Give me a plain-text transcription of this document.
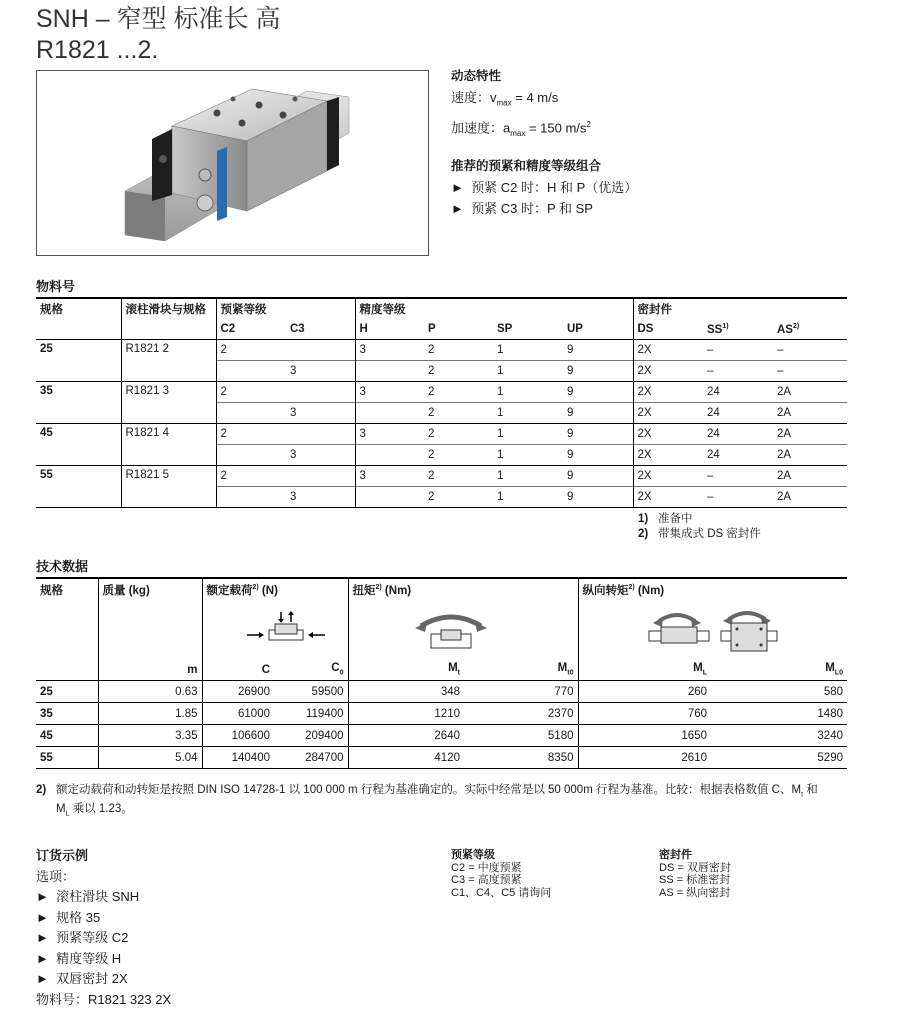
SNH – 窄型 标准长 高
R1821 ...2.
动态特性
速度：$v_{max} = 4$ m/s
加速度：$a_{max} = 150$ $m/s^2$
推荐的预紧和精度等级组合
► 预紧 C2 时：H 和 P（优选）
► 预紧 C3 时：P 和 SP
物料号
规格	滚柱滑块与规格	预紧等级		精度等级				密封件		
		C2	C3	H	P	SP	UP	DS	SS$^{1)}$	AS$^{2)}$
25	R1821 2	2		3	2	1	9	2X	–	–
			3		2	1	9	2X	–	–
35	R1821 3	2		3	2	1	9	2X	24	2A
			3		2	1	9	2X	24	2A
45	R1821 4	2		3	2	1	9	2X	24	2A
			3		2	1	9	2X	24	2A
55	R1821 5	2		3	2	1	9	2X	–	2A
			3		2	1	9	2X	–	2A
1) 准备中
2) 带集成式 DS 密封件
技术数据
规格	质量 (kg)	额定载荷$^{2)}$ (N)		扭矩$^{2)}$ (Nm)		纵向转矩$^{2)}$ (Nm)	

	m	C	$C_0$	$M_t$	$M_{t0}$	$M_L$	$M_{L0}$
25	0.63	26900	59500	348	770	260	580
35	1.85	61000	119400	1210	2370	760	1480
45	3.35	106600	209400	2640	5180	1650	3240
55	5.04	140400	284700	4120	8350	2610	5290
2) 额定动载荷和动转矩是按照 DIN ISO 14728-1 以 100 000 m 行程为基准确定的。实际中经常是以 50 000m 行程为基准。比较：根据表格数值 C、$M_t$ 和
$M_L$ 乘以 1.23。
订货示例
选项：
► 滚柱滑块 SNH
► 规格 35
► 预紧等级 C2
► 精度等级 H
► 双唇密封 2X
物料号：R1821 323 2X
预紧等级
C2 = 中度预紧
C3 = 高度预紧
C1、C4、C5 请询问
密封件
DS = 双唇密封
SS = 标准密封
AS = 纵向密封
